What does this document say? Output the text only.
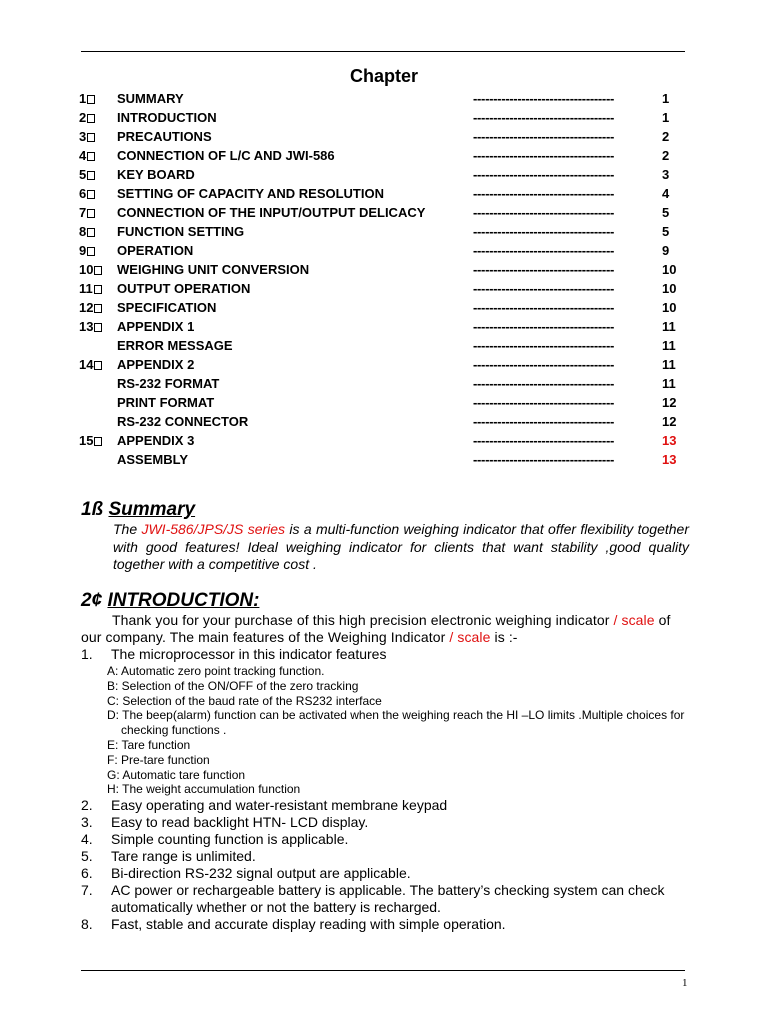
Chapter
1	SUMMARY	-----------------------------------	1
2	INTRODUCTION	-----------------------------------	1
3	PRECAUTIONS	-----------------------------------	2
4	CONNECTION OF L/C AND JWI-586	-----------------------------------	2
5	KEY BOARD	-----------------------------------	3
6	SETTING OF CAPACITY AND RESOLUTION	-----------------------------------	4
7	CONNECTION OF THE INPUT/OUTPUT DELICACY	-----------------------------------	5
8	FUNCTION SETTING	-----------------------------------	5
9	OPERATION	-----------------------------------	9
10	WEIGHING UNIT CONVERSION	-----------------------------------	10
11	OUTPUT OPERATION	-----------------------------------	10
12	SPECIFICATION	-----------------------------------	10
13	APPENDIX 1	-----------------------------------	11
ERROR MESSAGE	-----------------------------------	11
14	APPENDIX 2	-----------------------------------	11
RS-232 FORMAT	-----------------------------------	11
PRINT FORMAT	-----------------------------------	12
RS-232 CONNECTOR	-----------------------------------	12
15	APPENDIX 3	-----------------------------------	13
ASSEMBLY	-----------------------------------	13
1ß Summary
The JWI-586/JPS/JS series is a multi-function weighing indicator that offer flexibility together with good features! Ideal weighing indicator for clients that want stability ,good quality together with a competitive cost .
2¢ INTRODUCTION:

Thank you for your purchase of this high precision electronic weighing indicator / scale of our company. The main features of the Weighing Indicator / scale is :-

1. The microprocessor in this indicator features
A: Automatic zero point tracking function.
B: Selection of the ON/OFF of the zero tracking
C: Selection of the baud rate of the RS232 interface
D: The beep(alarm) function can be activated when the weighing reach the HI –LO limits .Multiple choices for checking functions .
E: Tare function
F: Pre-tare function
G: Automatic tare function
H: The weight accumulation function
2. Easy operating and water-resistant membrane keypad
3. Easy to read backlight HTN- LCD display.
4. Simple counting function is applicable.
5. Tare range is unlimited.
6. Bi-direction RS-232 signal output are applicable.
7. AC power or rechargeable battery is applicable. The battery’s checking system can check automatically whether or not the battery is recharged.
8. Fast, stable and accurate display reading with simple operation.
1
